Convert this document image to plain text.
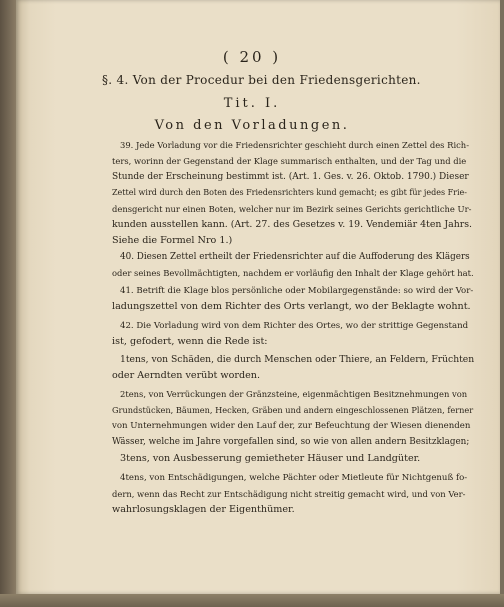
( 20 )
§. 4. Von der Procedur bei den Friedensgerichten.
Tit. I.
Von den Vorladungen.
39. Jede Vorladung vor die Friedensrichter geschieht durch einen Zettel des Rich-
ters, worinn der Gegenstand der Klage summarisch enthalten, und der Tag und die
Stunde der Erscheinung bestimmt ist. (Art. 1. Ges. v. 26. Oktob. 1790.) Dieser
Zettel wird durch den Boten des Friedensrichters kund gemacht; es gibt für jedes Frie-
densgericht nur einen Boten, welcher nur im Bezirk seines Gerichts gerichtliche Ur-
kunden ausstellen kann. (Art. 27. des Gesetzes v. 19. Vendemiär 4ten Jahrs.
Siehe die Formel Nro 1.)
40. Diesen Zettel ertheilt der Friedensrichter auf die Auffoderung des Klägers
oder seines Bevollmächtigten, nachdem er vorläufig den Inhalt der Klage gehört hat.
41. Betrift die Klage blos persönliche oder Mobilargegenstände: so wird der Vor-
ladungszettel von dem Richter des Orts verlangt, wo der Beklagte wohnt.
42. Die Vorladung wird von dem Richter des Ortes, wo der strittige Gegenstand
ist, gefodert, wenn die Rede ist:
1tens, von Schäden, die durch Menschen oder Thiere, an Feldern, Früchten
oder Aerndten verübt worden.
2tens, von Verrückungen der Gränzsteine, eigenmächtigen Besitznehmungen von
Grundstücken, Bäumen, Hecken, Gräben und andern eingeschlossenen Plätzen, ferner
von Unternehmungen wider den Lauf der, zur Befeuchtung der Wiesen dienenden
Wässer, welche im Jahre vorgefallen sind, so wie von allen andern Besitzklagen;
3tens, von Ausbesserung gemietheter Häuser und Landgüter.
4tens, von Entschädigungen, welche Pächter oder Mietleute für Nichtgenuß fo-
dern, wenn das Recht zur Entschädigung nicht streitig gemacht wird, und von Ver-
wahrlosungsklagen der Eigenthümer.
